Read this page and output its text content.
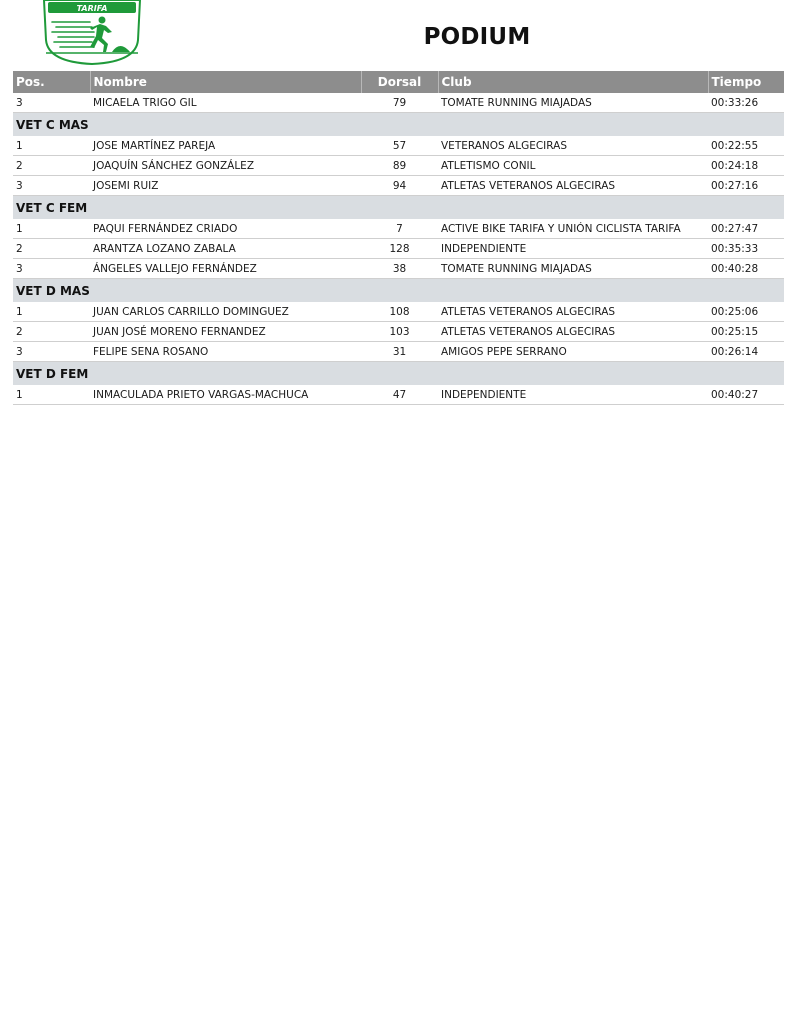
TARIFA
PODIUM
Pos.	Nombre	Dorsal	Club	Tiempo
3	MICAELA TRIGO GIL	79	TOMATE RUNNING MIAJADAS	00:33:26
VET C MAS				
1	JOSE MARTÍNEZ PAREJA	57	VETERANOS ALGECIRAS	00:22:55
2	JOAQUÍN SÁNCHEZ GONZÁLEZ	89	ATLETISMO CONIL	00:24:18
3	JOSEMI RUIZ	94	ATLETAS VETERANOS ALGECIRAS	00:27:16
VET C FEM				
1	PAQUI FERNÁNDEZ CRIADO	7	ACTIVE BIKE TARIFA Y UNIÓN CICLISTA TARIFA	00:27:47
2	ARANTZA LOZANO ZABALA	128	INDEPENDIENTE	00:35:33
3	ÁNGELES VALLEJO FERNÁNDEZ	38	TOMATE RUNNING MIAJADAS	00:40:28
VET D MAS				
1	JUAN CARLOS CARRILLO DOMINGUEZ	108	ATLETAS VETERANOS ALGECIRAS	00:25:06
2	JUAN JOSÉ MORENO FERNANDEZ	103	ATLETAS VETERANOS ALGECIRAS	00:25:15
3	FELIPE SENA ROSANO	31	AMIGOS PEPE SERRANO	00:26:14
VET D FEM				
1	INMACULADA PRIETO VARGAS-MACHUCA	47	INDEPENDIENTE	00:40:27
